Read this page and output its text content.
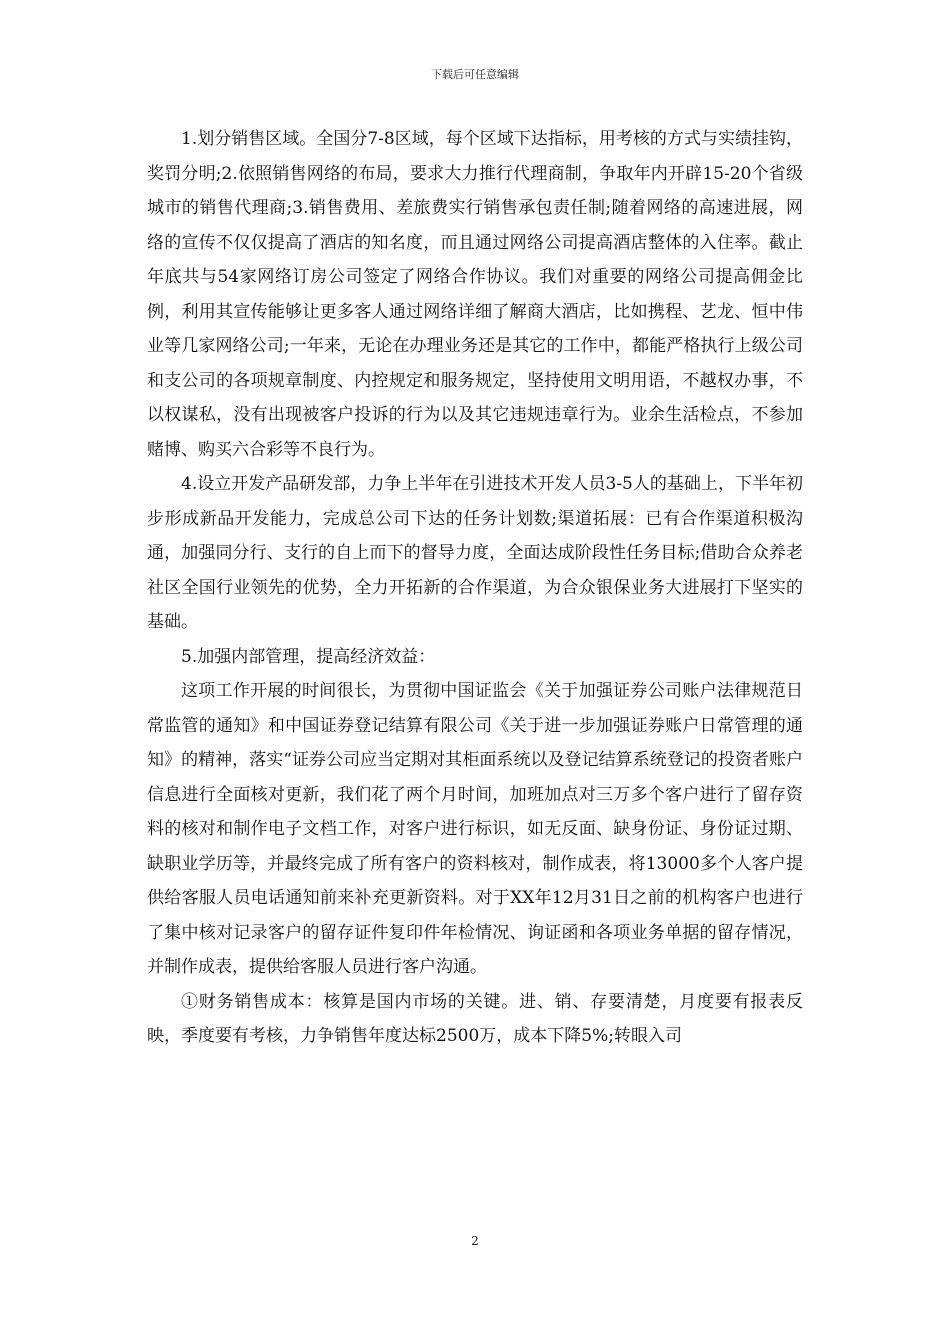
下载后可任意编辑

1.划分销售区域。全国分7-8区域，每个区域下达指标，用考核的方式与实绩挂钩，奖罚分明;2.依照销售网络的布局，要求大力推行代理商制，争取年内开辟15-20个省级城市的销售代理商;3.销售费用、差旅费实行销售承包责任制;随着网络的高速进展，网络的宣传不仅仅提高了酒店的知名度，而且通过网络公司提高酒店整体的入住率。截止年底共与54家网络订房公司签定了网络合作协议。我们对重要的网络公司提高佣金比例，利用其宣传能够让更多客人通过网络详细了解商大酒店，比如携程、艺龙、恒中伟业等几家网络公司;一年来，无论在办理业务还是其它的工作中，都能严格执行上级公司和支公司的各项规章制度、内控规定和服务规定，坚持使用文明用语，不越权办事，不以权谋私，没有出现被客户投诉的行为以及其它违规违章行为。业余生活检点，不参加赌博、购买六合彩等不良行为。

4.设立开发产品研发部，力争上半年在引进技术开发人员3-5人的基础上，下半年初步形成新品开发能力，完成总公司下达的任务计划数;渠道拓展：已有合作渠道积极沟通，加强同分行、支行的自上而下的督导力度，全面达成阶段性任务目标;借助合众养老社区全国行业领先的优势，全力开拓新的合作渠道，为合众银保业务大进展打下坚实的基础。

5.加强内部管理，提高经济效益：

这项工作开展的时间很长，为贯彻中国证监会《关于加强证券公司账户法律规范日常监管的通知》和中国证券登记结算有限公司《关于进一步加强证券账户日常管理的通知》的精神，落实“证券公司应当定期对其柜面系统以及登记结算系统登记的投资者账户信息进行全面核对更新，我们花了两个月时间，加班加点对三万多个客户进行了留存资料的核对和制作电子文档工作，对客户进行标识，如无反面、缺身份证、身份证过期、缺职业学历等，并最终完成了所有客户的资料核对，制作成表，将13000多个人客户提供给客服人员电话通知前来补充更新资料。对于XX年12月31日之前的机构客户也进行了集中核对记录客户的留存证件复印件年检情况、询证函和各项业务单据的留存情况，并制作成表，提供给客服人员进行客户沟通。

①财务销售成本：核算是国内市场的关键。进、销、存要清楚，月度要有报表反映，季度要有考核，力争销售年度达标2500万，成本下降5%;转眼入司

2
